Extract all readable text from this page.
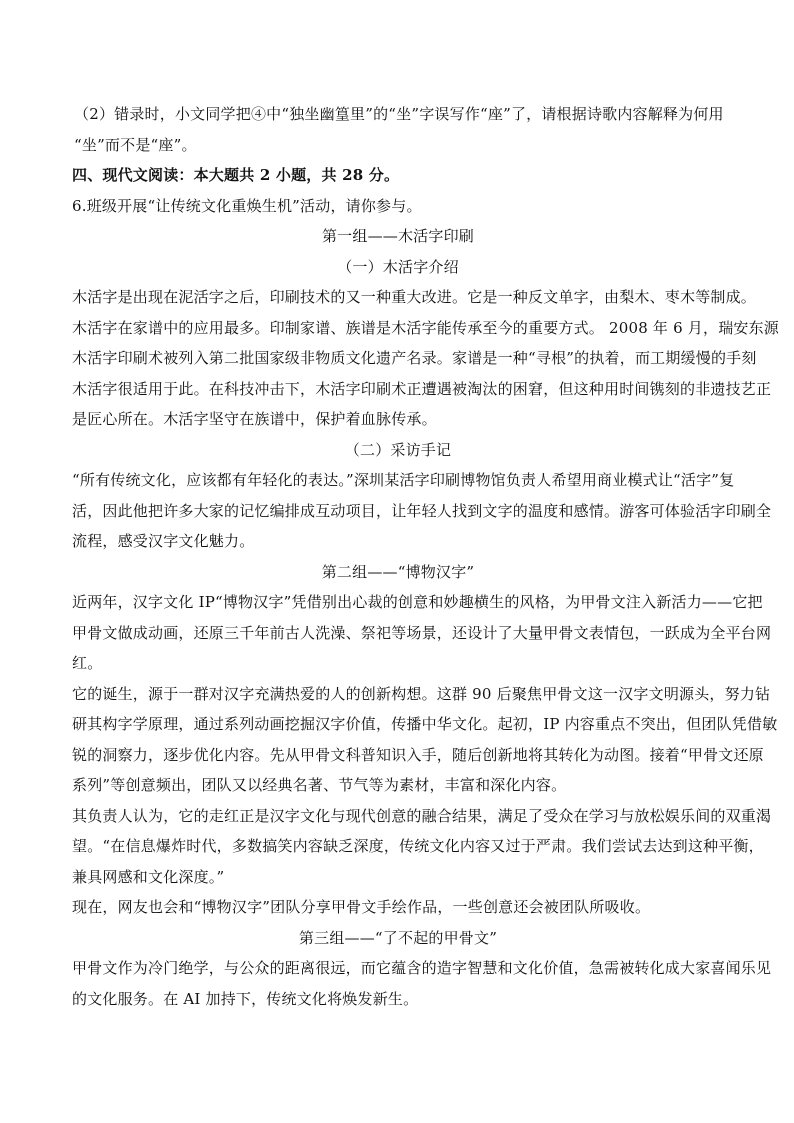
（2）错录时，小文同学把④中“独坐幽篁里”的“坐”字误写作“座”了，请根据诗歌内容解释为何用
“坐”而不是“座”。
四、现代文阅读：本大题共 2 小题，共 28 分。
6.班级开展“让传统文化重焕生机”活动，请你参与。
第一组——木活字印刷
（一）木活字介绍
木活字是出现在泥活字之后，印刷技术的又一种重大改进。它是一种反文单字，由梨木、枣木等制成。
木活字在家谱中的应用最多。印制家谱、族谱是木活字能传承至今的重要方式。 2008 年 6 月，瑞安东源
木活字印刷术被列入第二批国家级非物质文化遗产名录。家谱是一种“寻根”的执着，而工期缓慢的手刻
木活字很适用于此。在科技冲击下，木活字印刷术正遭遇被淘汰的困窘，但这种用时间镌刻的非遗技艺正
是匠心所在。木活字坚守在族谱中，保护着血脉传承。
（二）采访手记
“所有传统文化，应该都有年轻化的表达。”深圳某活字印刷博物馆负责人希望用商业模式让“活字”复
活，因此他把许多大家的记忆编排成互动项目，让年轻人找到文字的温度和感情。游客可体验活字印刷全
流程，感受汉字文化魅力。
第二组——“博物汉字”
近两年，汉字文化 IP“博物汉字”凭借别出心裁的创意和妙趣横生的风格，为甲骨文注入新活力——它把
甲骨文做成动画，还原三千年前古人洗澡、祭祀等场景，还设计了大量甲骨文表情包，一跃成为全平台网
红。
它的诞生，源于一群对汉字充满热爱的人的创新构想。这群 90 后聚焦甲骨文这一汉字文明源头，努力钻
研其构字学原理，通过系列动画挖掘汉字价值，传播中华文化。起初，IP 内容重点不突出，但团队凭借敏
锐的洞察力，逐步优化内容。先从甲骨文科普知识入手，随后创新地将其转化为动图。接着“甲骨文还原
系列”等创意频出，团队又以经典名著、节气等为素材，丰富和深化内容。
其负责人认为，它的走红正是汉字文化与现代创意的融合结果，满足了受众在学习与放松娱乐间的双重渴
望。“在信息爆炸时代，多数搞笑内容缺乏深度，传统文化内容又过于严肃。我们尝试去达到这种平衡，
兼具网感和文化深度。”
现在，网友也会和“博物汉字”团队分享甲骨文手绘作品，一些创意还会被团队所吸收。
第三组——“了不起的甲骨文”
甲骨文作为冷门绝学，与公众的距离很远，而它蕴含的造字智慧和文化价值，急需被转化成大家喜闻乐见
的文化服务。在 AI 加持下，传统文化将焕发新生。
